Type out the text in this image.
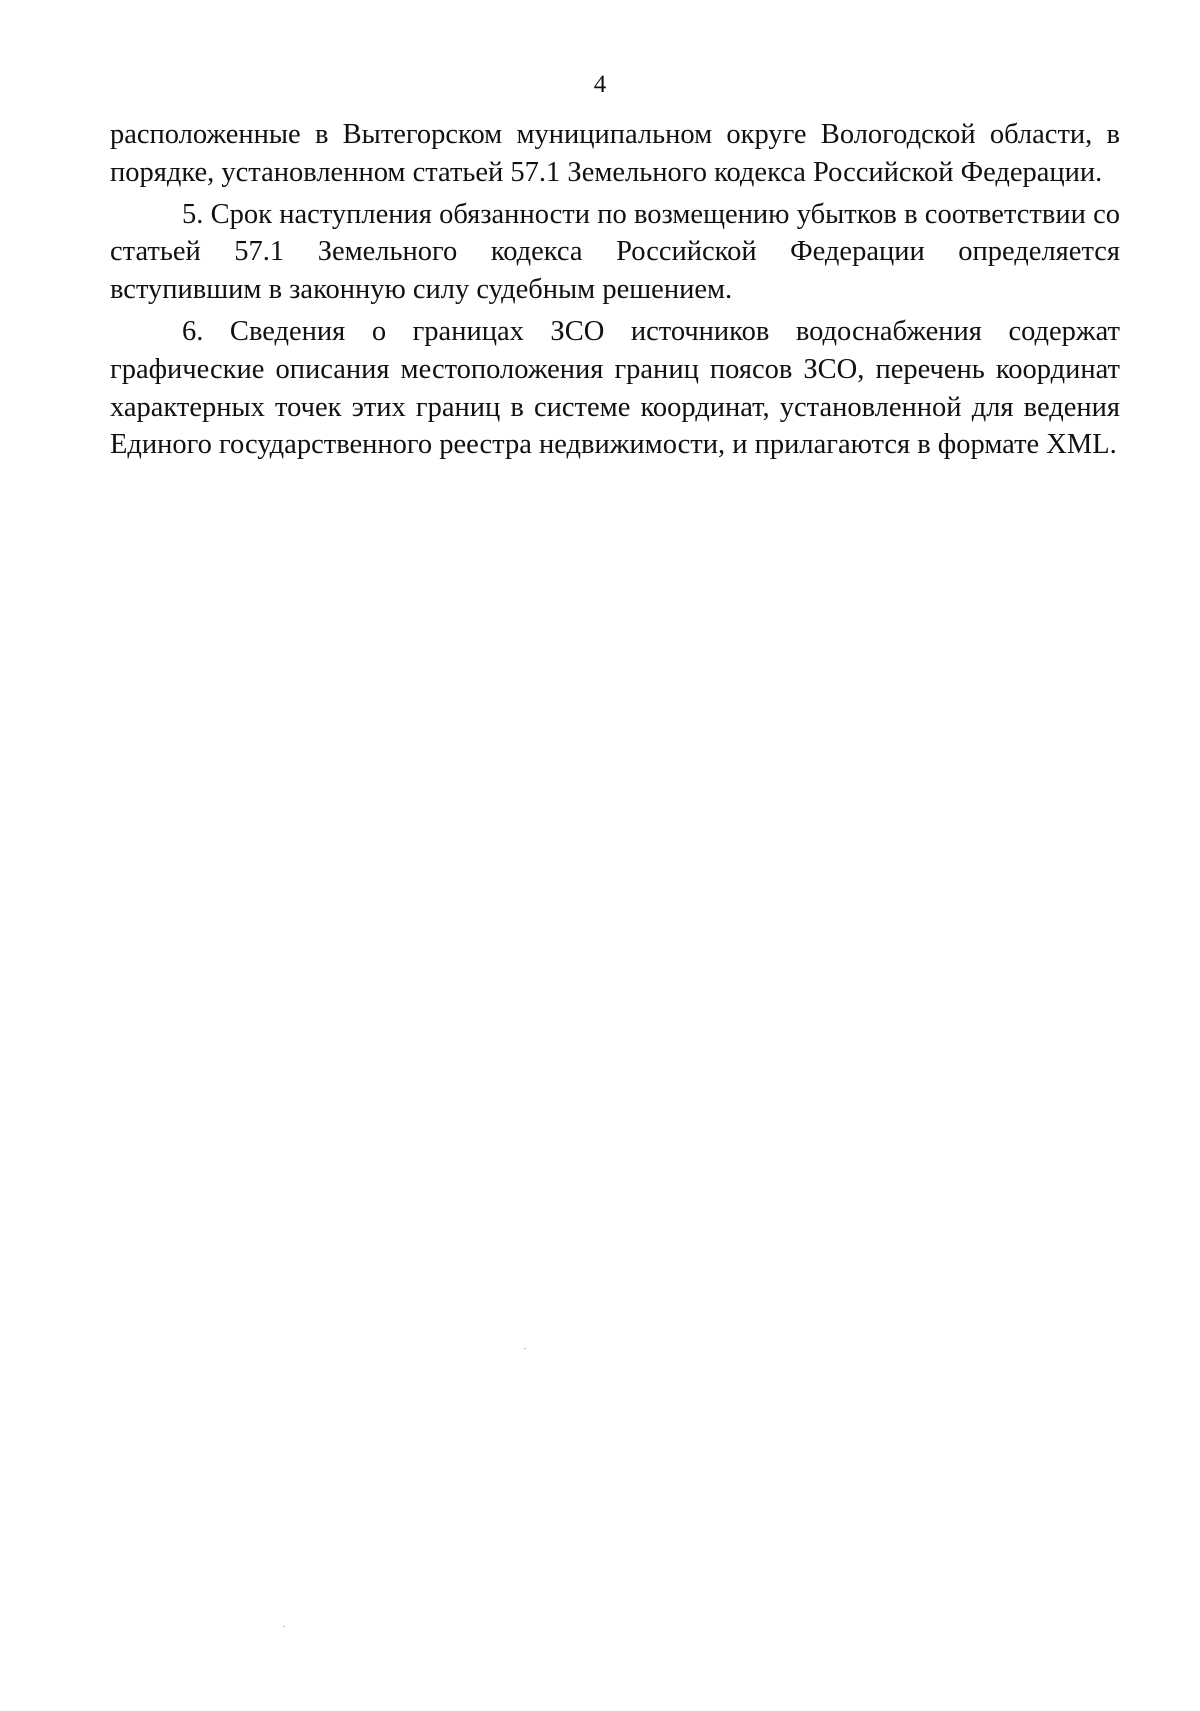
4

расположенные в Вытегорском муниципальном округе Вологодской области, в порядке, установленном статьей 57.1 Земельного кодекса Российской Федерации.

5. Срок наступления обязанности по возмещению убытков в соответствии со статьей 57.1 Земельного кодекса Российской Федерации определяется вступившим в законную силу судебным решением.

6. Сведения о границах ЗСО источников водоснабжения содержат графические описания местоположения границ поясов ЗСО, перечень координат характерных точек этих границ в системе координат, установленной для ведения Единого государственного реестра недвижимости, и прилагаются в формате XML.
